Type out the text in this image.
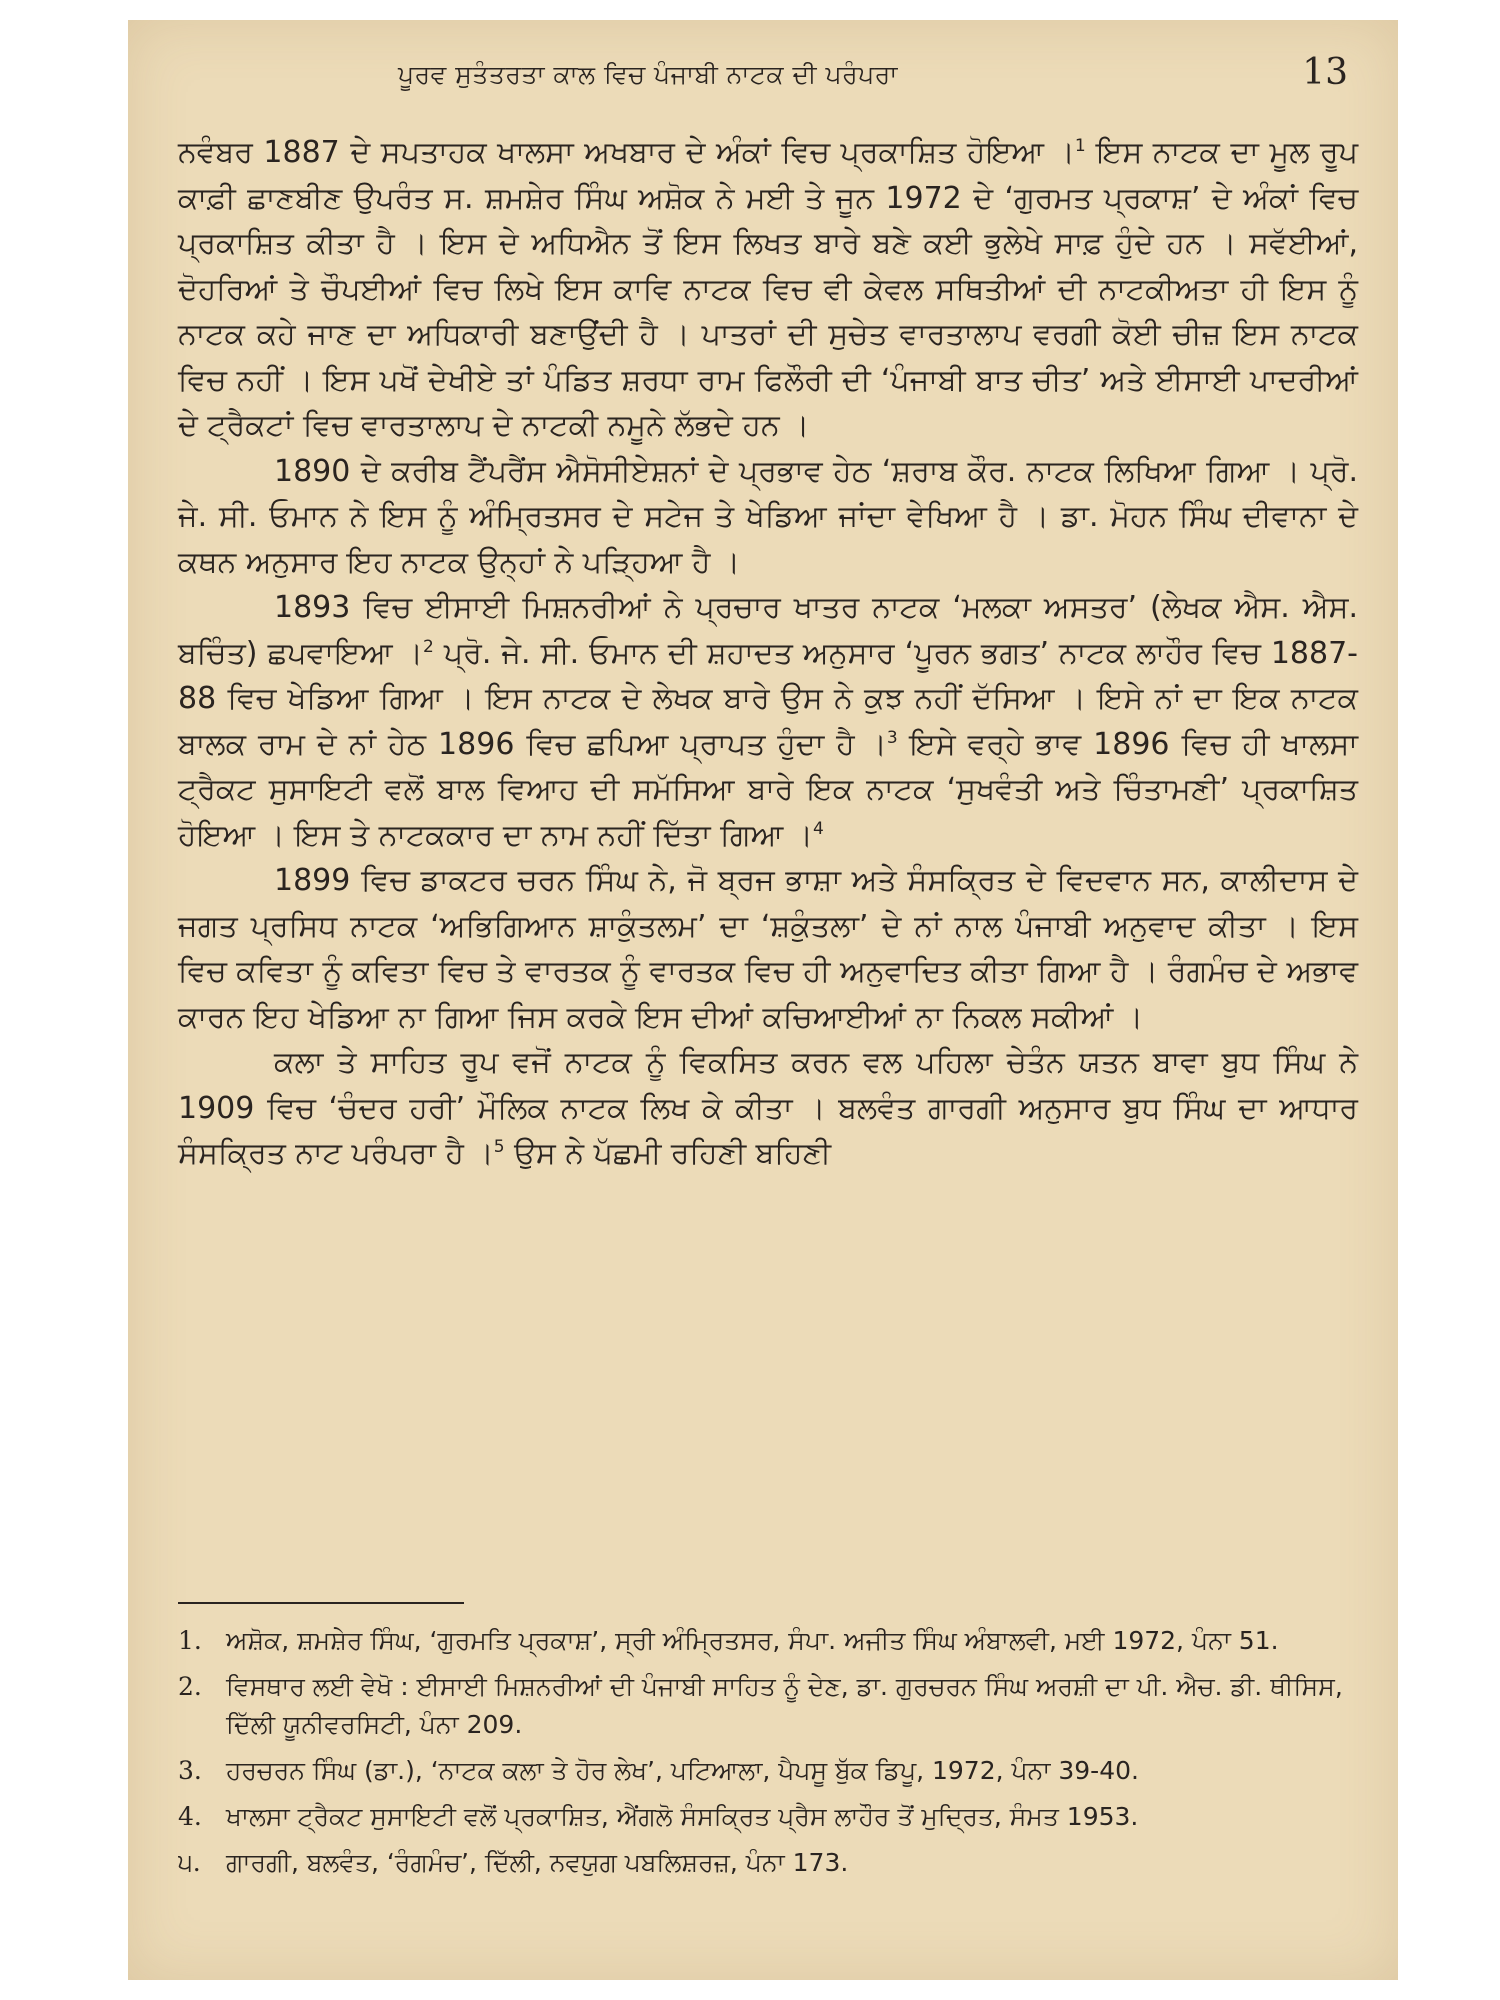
ਪੂਰਵ ਸੁਤੰਤਰਤਾ ਕਾਲ ਵਿਚ ਪੰਜਾਬੀ ਨਾਟਕ ਦੀ ਪਰੰਪਰਾ	13

ਨਵੰਬਰ 1887 ਦੇ ਸਪਤਾਹਕ ਖਾਲਸਾ ਅਖਬਾਰ ਦੇ ਅੰਕਾਂ ਵਿਚ ਪ੍ਰਕਾਸ਼ਿਤ ਹੋਇਆ ।$^1$ ਇਸ ਨਾਟਕ ਦਾ ਮੂਲ ਰੂਪ ਕਾਫ਼ੀ ਛਾਣਬੀਣ ਉਪਰੰਤ ਸ. ਸ਼ਮਸ਼ੇਰ ਸਿੰਘ ਅਸ਼ੋਕ ਨੇ ਮਈ ਤੇ ਜੂਨ 1972 ਦੇ ‘ਗੁਰਮਤ ਪ੍ਰਕਾਸ਼’ ਦੇ ਅੰਕਾਂ ਵਿਚ ਪ੍ਰਕਾਸ਼ਿਤ ਕੀਤਾ ਹੈ । ਇਸ ਦੇ ਅਧਿਐਨ ਤੋਂ ਇਸ ਲਿਖਤ ਬਾਰੇ ਬਣੇ ਕਈ ਭੁਲੇਖੇ ਸਾਫ਼ ਹੁੰਦੇ ਹਨ । ਸਵੱਈਆਂ, ਦੋਹਰਿਆਂ ਤੇ ਚੌਪਈਆਂ ਵਿਚ ਲਿਖੇ ਇਸ ਕਾਵਿ ਨਾਟਕ ਵਿਚ ਵੀ ਕੇਵਲ ਸਥਿਤੀਆਂ ਦੀ ਨਾਟਕੀਅਤਾ ਹੀ ਇਸ ਨੂੰ ਨਾਟਕ ਕਹੇ ਜਾਣ ਦਾ ਅਧਿਕਾਰੀ ਬਣਾਉਂਦੀ ਹੈ । ਪਾਤਰਾਂ ਦੀ ਸੁਚੇਤ ਵਾਰਤਾਲਾਪ ਵਰਗੀ ਕੋਈ ਚੀਜ਼ ਇਸ ਨਾਟਕ ਵਿਚ ਨਹੀਂ । ਇਸ ਪਖੋਂ ਦੇਖੀਏ ਤਾਂ ਪੰਡਿਤ ਸ਼ਰਧਾ ਰਾਮ ਫਿਲੌਰੀ ਦੀ ‘ਪੰਜਾਬੀ ਬਾਤ ਚੀਤ’ ਅਤੇ ਈਸਾਈ ਪਾਦਰੀਆਂ ਦੇ ਟ੍ਰੈਕਟਾਂ ਵਿਚ ਵਾਰਤਾਲਾਪ ਦੇ ਨਾਟਕੀ ਨਮੂਨੇ ਲੱਭਦੇ ਹਨ ।

1890 ਦੇ ਕਰੀਬ ਟੈਂਪਰੈਂਸ ਐਸੋਸੀਏਸ਼ਨਾਂ ਦੇ ਪ੍ਰਭਾਵ ਹੇਠ ‘ਸ਼ਰਾਬ ਕੌਰ. ਨਾਟਕ ਲਿਖਿਆ ਗਿਆ । ਪ੍ਰੋ. ਜੇ. ਸੀ. ਓਮਾਨ ਨੇ ਇਸ ਨੂੰ ਅੰਮ੍ਰਿਤਸਰ ਦੇ ਸਟੇਜ ਤੇ ਖੇਡਿਆ ਜਾਂਦਾ ਵੇਖਿਆ ਹੈ । ਡਾ. ਮੋਹਨ ਸਿੰਘ ਦੀਵਾਨਾ ਦੇ ਕਥਨ ਅਨੁਸਾਰ ਇਹ ਨਾਟਕ ਉਨ੍ਹਾਂ ਨੇ ਪੜ੍ਹਿਆ ਹੈ ।

1893 ਵਿਚ ਈਸਾਈ ਮਿਸ਼ਨਰੀਆਂ ਨੇ ਪ੍ਰਚਾਰ ਖਾਤਰ ਨਾਟਕ ‘ਮਲਕਾ ਅਸਤਰ’ (ਲੇਖਕ ਐਸ. ਐਸ. ਬਚਿੰਤ) ਛਪਵਾਇਆ ।$^2$ ਪ੍ਰੋ. ਜੇ. ਸੀ. ਓਮਾਨ ਦੀ ਸ਼ਹਾਦਤ ਅਨੁਸਾਰ ‘ਪੂਰਨ ਭਗਤ’ ਨਾਟਕ ਲਾਹੌਰ ਵਿਚ 1887-88 ਵਿਚ ਖੇਡਿਆ ਗਿਆ । ਇਸ ਨਾਟਕ ਦੇ ਲੇਖਕ ਬਾਰੇ ਉਸ ਨੇ ਕੁਝ ਨਹੀਂ ਦੱਸਿਆ । ਇਸੇ ਨਾਂ ਦਾ ਇਕ ਨਾਟਕ ਬਾਲਕ ਰਾਮ ਦੇ ਨਾਂ ਹੇਠ 1896 ਵਿਚ ਛਪਿਆ ਪ੍ਰਾਪਤ ਹੁੰਦਾ ਹੈ ।$^3$ ਇਸੇ ਵਰ੍ਹੇ ਭਾਵ 1896 ਵਿਚ ਹੀ ਖਾਲਸਾ ਟ੍ਰੈਕਟ ਸੁਸਾਇਟੀ ਵਲੋਂ ਬਾਲ ਵਿਆਹ ਦੀ ਸਮੱਸਿਆ ਬਾਰੇ ਇਕ ਨਾਟਕ ‘ਸੁਖਵੰਤੀ ਅਤੇ ਚਿੰਤਾਮਣੀ’ ਪ੍ਰਕਾਸ਼ਿਤ ਹੋਇਆ । ਇਸ ਤੇ ਨਾਟਕਕਾਰ ਦਾ ਨਾਮ ਨਹੀਂ ਦਿੱਤਾ ਗਿਆ ।$^4$

1899 ਵਿਚ ਡਾਕਟਰ ਚਰਨ ਸਿੰਘ ਨੇ, ਜੋ ਬ੍ਰਜ ਭਾਸ਼ਾ ਅਤੇ ਸੰਸਕ੍ਰਿਤ ਦੇ ਵਿਦਵਾਨ ਸਨ, ਕਾਲੀਦਾਸ ਦੇ ਜਗਤ ਪ੍ਰਸਿਧ ਨਾਟਕ ‘ਅਭਿਗਿਆਨ ਸ਼ਾਕੁੰਤਲਮ’ ਦਾ ‘ਸ਼ਕੁੰਤਲਾ’ ਦੇ ਨਾਂ ਨਾਲ ਪੰਜਾਬੀ ਅਨੁਵਾਦ ਕੀਤਾ । ਇਸ ਵਿਚ ਕਵਿਤਾ ਨੂੰ ਕਵਿਤਾ ਵਿਚ ਤੇ ਵਾਰਤਕ ਨੂੰ ਵਾਰਤਕ ਵਿਚ ਹੀ ਅਨੁਵਾਦਿਤ ਕੀਤਾ ਗਿਆ ਹੈ । ਰੰਗਮੰਚ ਦੇ ਅਭਾਵ ਕਾਰਨ ਇਹ ਖੇਡਿਆ ਨਾ ਗਿਆ ਜਿਸ ਕਰਕੇ ਇਸ ਦੀਆਂ ਕਚਿਆਈਆਂ ਨਾ ਨਿਕਲ ਸਕੀਆਂ ।

ਕਲਾ ਤੇ ਸਾਹਿਤ ਰੂਪ ਵਜੋਂ ਨਾਟਕ ਨੂੰ ਵਿਕਸਿਤ ਕਰਨ ਵਲ ਪਹਿਲਾ ਚੇਤੰਨ ਯਤਨ ਬਾਵਾ ਬੁਧ ਸਿੰਘ ਨੇ 1909 ਵਿਚ ‘ਚੰਦਰ ਹਰੀ’ ਮੌਲਿਕ ਨਾਟਕ ਲਿਖ ਕੇ ਕੀਤਾ । ਬਲਵੰਤ ਗਾਰਗੀ ਅਨੁਸਾਰ ਬੁਧ ਸਿੰਘ ਦਾ ਆਧਾਰ ਸੰਸਕ੍ਰਿਤ ਨਾਟ ਪਰੰਪਰਾ ਹੈ ।$^5$ ਉਸ ਨੇ ਪੱਛਮੀ ਰਹਿਣੀ ਬਹਿਣੀ

1. ਅਸ਼ੋਕ, ਸ਼ਮਸ਼ੇਰ ਸਿੰਘ, ‘ਗੁਰਮਤਿ ਪ੍ਰਕਾਸ਼’, ਸ੍ਰੀ ਅੰਮ੍ਰਿਤਸਰ, ਸੰਪਾ. ਅਜੀਤ ਸਿੰਘ ਅੰਬਾਲਵੀ, ਮਈ 1972, ਪੰਨਾ 51.
2. ਵਿਸਥਾਰ ਲਈ ਵੇਖੋ : ਈਸਾਈ ਮਿਸ਼ਨਰੀਆਂ ਦੀ ਪੰਜਾਬੀ ਸਾਹਿਤ ਨੂੰ ਦੇਣ, ਡਾ. ਗੁਰਚਰਨ ਸਿੰਘ ਅਰਸ਼ੀ ਦਾ ਪੀ. ਐਚ. ਡੀ. ਥੀਸਿਸ, ਦਿੱਲੀ ਯੂਨੀਵਰਸਿਟੀ, ਪੰਨਾ 209.
3. ਹਰਚਰਨ ਸਿੰਘ (ਡਾ.), ‘ਨਾਟਕ ਕਲਾ ਤੇ ਹੋਰ ਲੇਖ’, ਪਟਿਆਲਾ, ਪੈਪਸੂ ਬੁੱਕ ਡਿਪੂ, 1972, ਪੰਨਾ 39-40.
4. ਖਾਲਸਾ ਟ੍ਰੈਕਟ ਸੁਸਾਇਟੀ ਵਲੋਂ ਪ੍ਰਕਾਸ਼ਿਤ, ਐਂਗਲੋ ਸੰਸਕ੍ਰਿਤ ਪ੍ਰੈਸ ਲਾਹੌਰ ਤੋਂ ਮੁਦ੍ਰਿਤ, ਸੰਮਤ 1953.
੫.	ਗਾਰਗੀ, ਬਲਵੰਤ, ‘ਰੰਗਮੰਚ’, ਦਿੱਲੀ, ਨਵਯੁਗ ਪਬਲਿਸ਼ਰਜ਼, ਪੰਨਾ 173.
